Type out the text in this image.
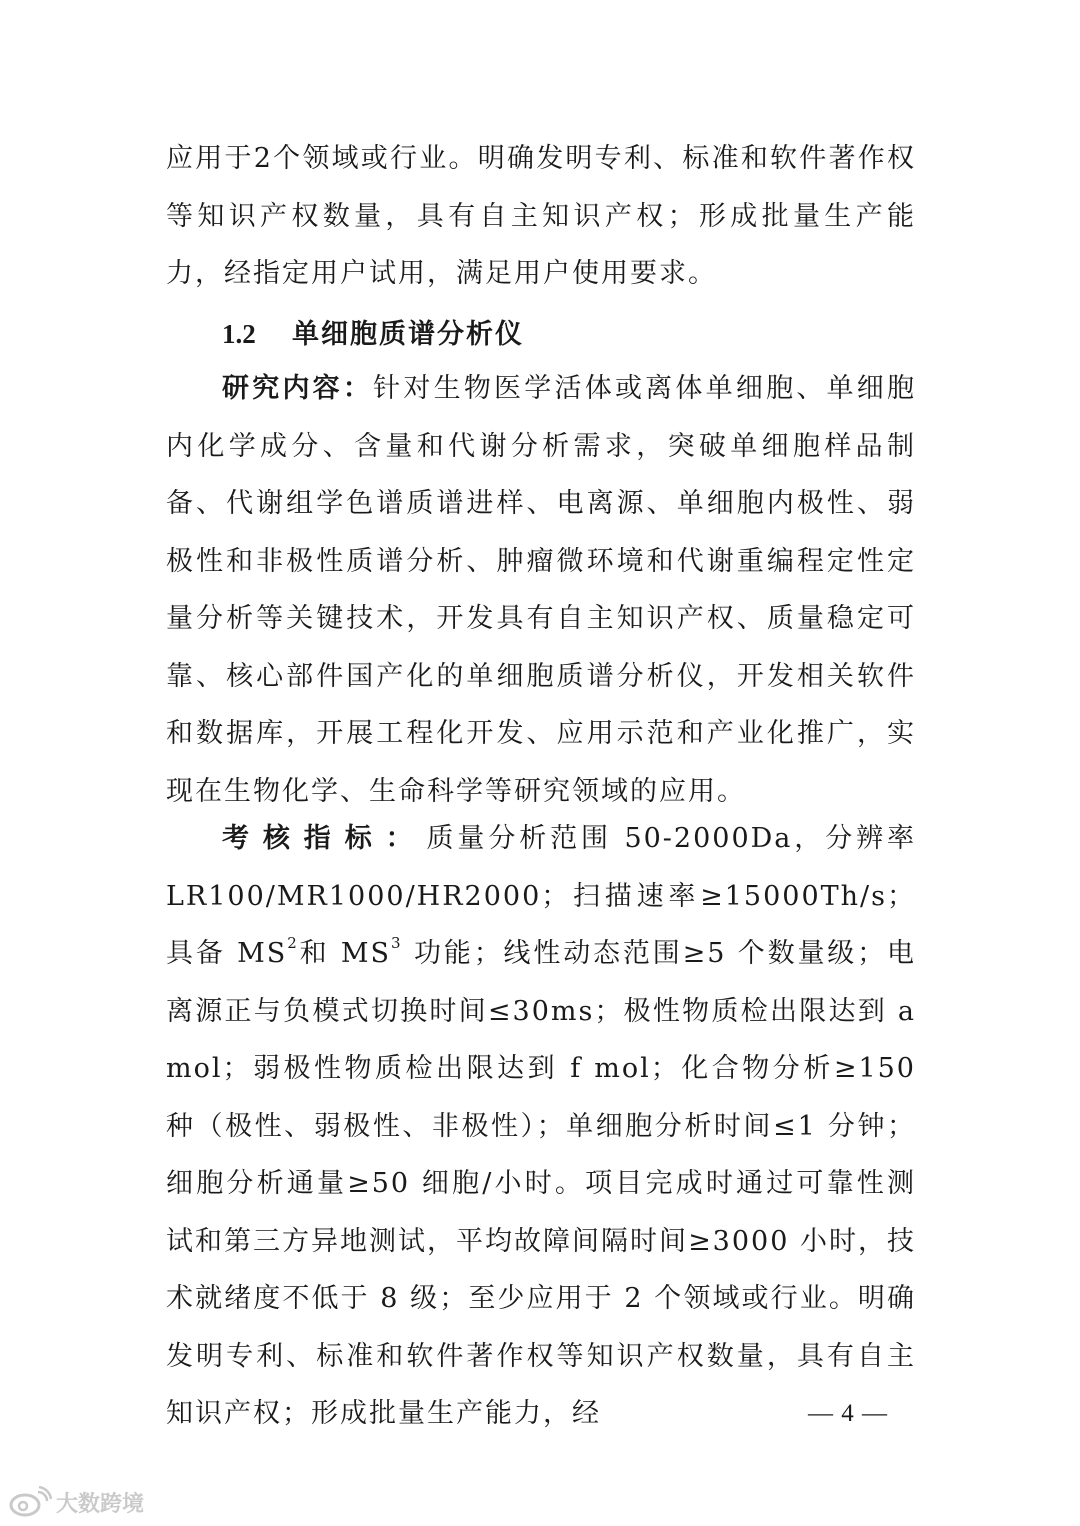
应用于2个领域或行业。明确发明专利、标准和软件著作权等知识产权数量，具有自主知识产权；形成批量生产能力，经指定用户试用，满足用户使用要求。

1.2 单细胞质谱分析仪

研究内容：针对生物医学活体或离体单细胞、单细胞内化学成分、含量和代谢分析需求，突破单细胞样品制备、代谢组学色谱质谱进样、电离源、单细胞内极性、弱极性和非极性质谱分析、肿瘤微环境和代谢重编程定性定量分析等关键技术，开发具有自主知识产权、质量稳定可靠、核心部件国产化的单细胞质谱分析仪，开发相关软件和数据库，开展工程化开发、应用示范和产业化推广，实现在生物化学、生命科学等研究领域的应用。

考核指标：质量分析范围 50-2000Da，分辨率LR100/MR1000/HR2000；扫描速率≥15000Th/s；具备 $MS^2$和 $MS^3$ 功能；线性动态范围≥5 个数量级；电离源正与负模式切换时间≤30ms；极性物质检出限达到 a mol；弱极性物质检出限达到 f mol；化合物分析≥150 种（极性、弱极性、非极性）；单细胞分析时间≤1 分钟；细胞分析通量≥50 细胞/小时。项目完成时通过可靠性测试和第三方异地测试，平均故障间隔时间≥3000 小时，技术就绪度不低于 8 级；至少应用于 2 个领域或行业。明确发明专利、标准和软件著作权等知识产权数量，具有自主知识产权；形成批量生产能力，经	— 4 —
大数跨境
